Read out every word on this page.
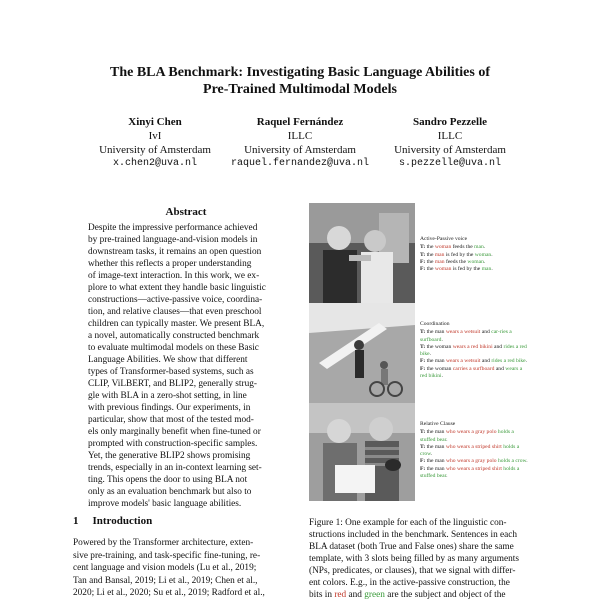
The BLA Benchmark: Investigating Basic Language Abilities of
Pre-Trained Multimodal Models
Xinyi Chen
IvI
University of Amsterdam
x.chen2@uva.nl
Raquel Fernández
ILLC
University of Amsterdam
raquel.fernandez@uva.nl
Sandro Pezzelle
ILLC
University of Amsterdam
s.pezzelle@uva.nl
Abstract
Despite the impressive performance achieved
by pre-trained language-and-vision models in
downstream tasks, it remains an open question
whether this reflects a proper understanding
of image-text interaction. In this work, we ex-
plore to what extent they handle basic linguistic
constructions—active-passive voice, coordina-
tion, and relative clauses—that even preschool
children can typically master. We present BLA,
a novel, automatically constructed benchmark
to evaluate multimodal models on these Basic
Language Abilities. We show that different
types of Transformer-based systems, such as
CLIP, ViLBERT, and BLIP2, generally strug-
gle with BLA in a zero-shot setting, in line
with previous findings. Our experiments, in
particular, show that most of the tested mod-
els only marginally benefit when fine-tuned or
prompted with construction-specific samples.
Yet, the generative BLIP2 shows promising
trends, especially in an in-context learning set-
ting. This opens the door to using BLA not
only as an evaluation benchmark but also to
improve models' basic language abilities.
1 Introduction
Powered by the Transformer architecture, exten-
sive pre-training, and task-specific fine-tuning, re-
cent language and vision models (Lu et al., 2019;
Tan and Bansal, 2019; Li et al., 2019; Chen et al.,
2020; Li et al., 2020; Su et al., 2019; Radford et al.,
Active-Passive voice
T: the woman feeds the man.
T: the man is fed by the woman.
F: the man feeds the woman.
F: the woman is fed by the man.
Coordination
T: the man wears a wetsuit and car-ries a surfboard.
T: the woman wears a red bikini and rides a red bike.
F: the man wears a wetsuit and rides a red bike.
F: the woman carries a surfboard and wears a red bikini.
Relative Clause
T: the man who wears a gray polo holds a stuffed bear.
T: the man who wears a striped shirt holds a crow.
F: the man who wears a gray polo holds a crow.
F: the man who wears a striped shirt holds a stuffed bear.
Figure 1: One example for each of the linguistic con-
structions included in the benchmark. Sentences in each
BLA dataset (both True and False ones) share the same
template, with 3 slots being filled by as many arguments
(NPs, predicates, or clauses), that we signal with differ-
ent colors. E.g., in the active-passive construction, the
bits in red and green are the subject and object of the
